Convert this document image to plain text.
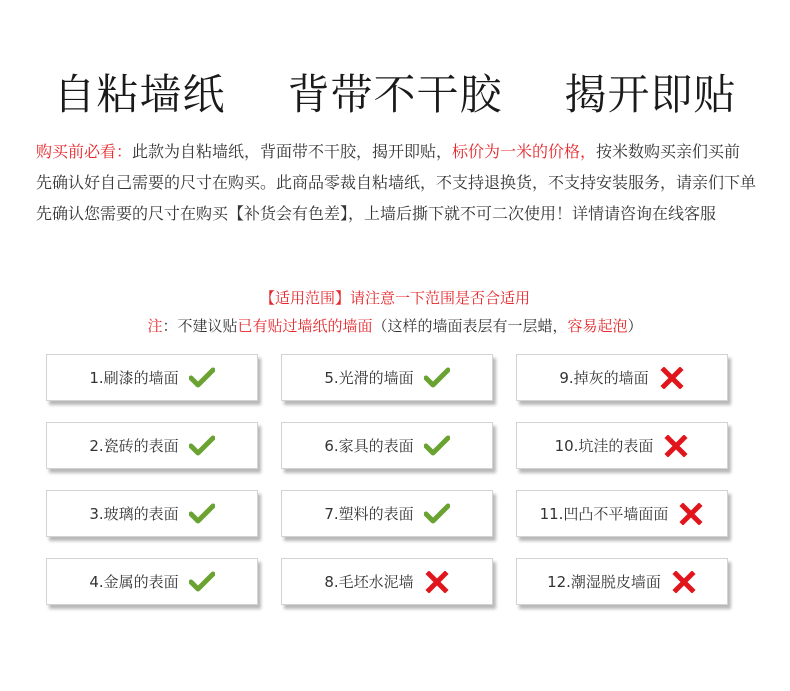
自粘墙纸 背带不干胶 揭开即贴
购买前必看：此款为自粘墙纸，背面带不干胶，揭开即贴，标价为一米的价格，按米数购买亲们买前先确认好自己需要的尺寸在购买。此商品零裁自粘墙纸，不支持退换货，不支持安装服务，请亲们下单先确认您需要的尺寸在购买【补货会有色差】，上墙后撕下就不可二次使用！详情请咨询在线客服
【适用范围】请注意一下范围是否合适用
注：不建议贴已有贴过墙纸的墙面（这样的墙面表层有一层蜡，容易起泡）
1.刷漆的墙面	5.光滑的墙面	9.掉灰的墙面
2.瓷砖的表面	6.家具的表面	10.坑洼的表面
3.玻璃的表面	7.塑料的表面	11.凹凸不平墙面面
4.金属的表面	8.毛坯水泥墙	12.潮湿脱皮墙面
